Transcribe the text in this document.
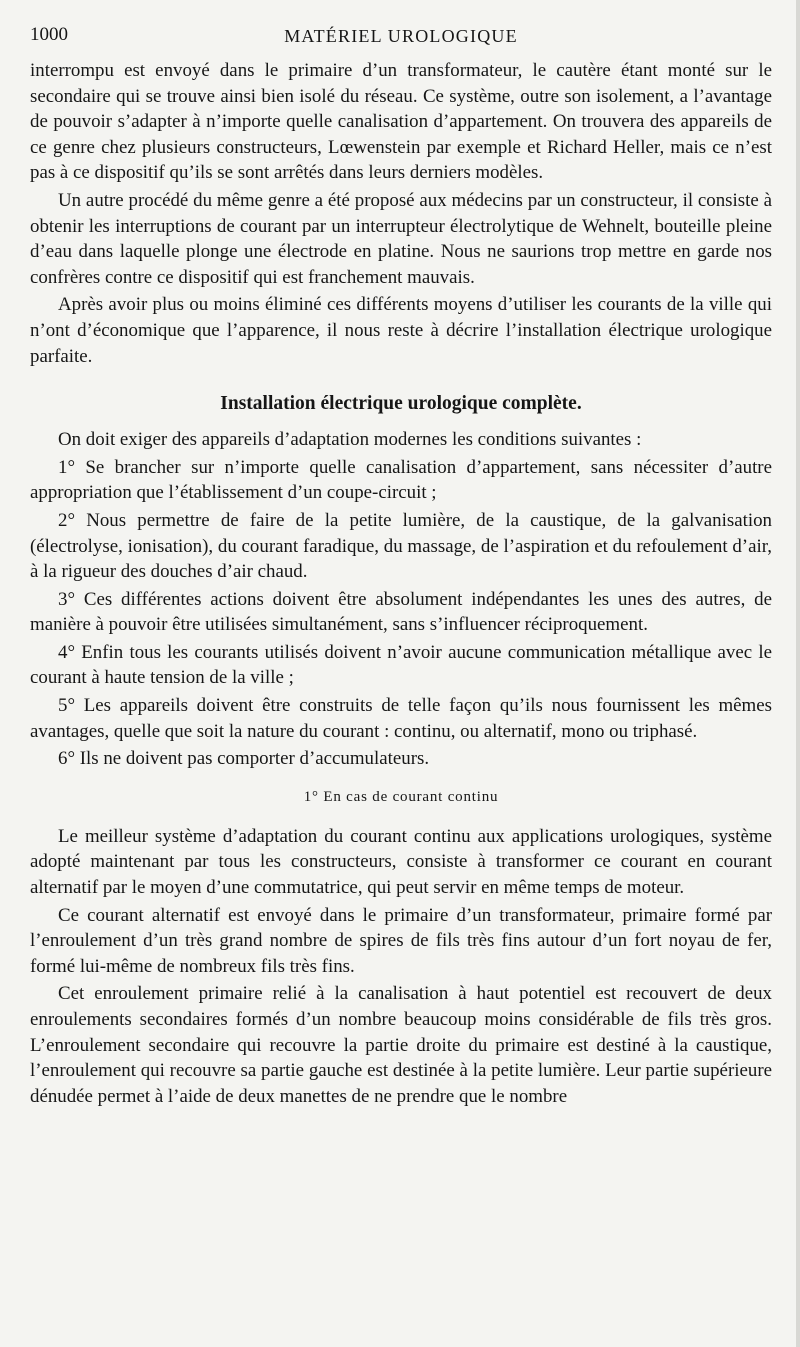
1000	MATÉRIEL UROLOGIQUE

interrompu est envoyé dans le primaire d’un transformateur, le cautère étant monté sur le secondaire qui se trouve ainsi bien isolé du réseau. Ce système, outre son isolement, a l’avantage de pouvoir s’adapter à n’importe quelle canalisation d’appartement. On trouvera des appareils de ce genre chez plusieurs constructeurs, Lœwenstein par exemple et Richard Heller, mais ce n’est pas à ce dispositif qu’ils se sont arrêtés dans leurs derniers modèles.

Un autre procédé du même genre a été proposé aux médecins par un constructeur, il consiste à obtenir les interruptions de courant par un interrupteur électrolytique de Wehnelt, bouteille pleine d’eau dans laquelle plonge une électrode en platine. Nous ne saurions trop mettre en garde nos confrères contre ce dispositif qui est franchement mauvais.

Après avoir plus ou moins éliminé ces différents moyens d’utiliser les courants de la ville qui n’ont d’économique que l’apparence, il nous reste à décrire l’installation électrique urologique parfaite.

Installation électrique urologique complète.

On doit exiger des appareils d’adaptation modernes les conditions suivantes :

1° Se brancher sur n’importe quelle canalisation d’appartement, sans nécessiter d’autre appropriation que l’établissement d’un coupe-circuit ;

2° Nous permettre de faire de la petite lumière, de la caustique, de la galvanisation (électrolyse, ionisation), du courant faradique, du massage, de l’aspiration et du refoulement d’air, à la rigueur des douches d’air chaud.

3° Ces différentes actions doivent être absolument indépendantes les unes des autres, de manière à pouvoir être utilisées simultanément, sans s’influencer réciproquement.

4° Enfin tous les courants utilisés doivent n’avoir aucune communication métallique avec le courant à haute tension de la ville ;

5° Les appareils doivent être construits de telle façon qu’ils nous fournissent les mêmes avantages, quelle que soit la nature du courant : continu, ou alternatif, mono ou triphasé.

6° Ils ne doivent pas comporter d’accumulateurs.

1° En cas de courant continu

Le meilleur système d’adaptation du courant continu aux applications urologiques, système adopté maintenant par tous les constructeurs, consiste à transformer ce courant en courant alternatif par le moyen d’une commutatrice, qui peut servir en même temps de moteur.

Ce courant alternatif est envoyé dans le primaire d’un transformateur, primaire formé par l’enroulement d’un très grand nombre de spires de fils très fins autour d’un fort noyau de fer, formé lui-même de nombreux fils très fins.

Cet enroulement primaire relié à la canalisation à haut potentiel est recouvert de deux enroulements secondaires formés d’un nombre beaucoup moins considérable de fils très gros. L’enroulement secondaire qui recouvre la partie droite du primaire est destiné à la caustique, l’enroulement qui recouvre sa partie gauche est destinée à la petite lumière. Leur partie supérieure dénudée permet à l’aide de deux manettes de ne prendre que le nombre
